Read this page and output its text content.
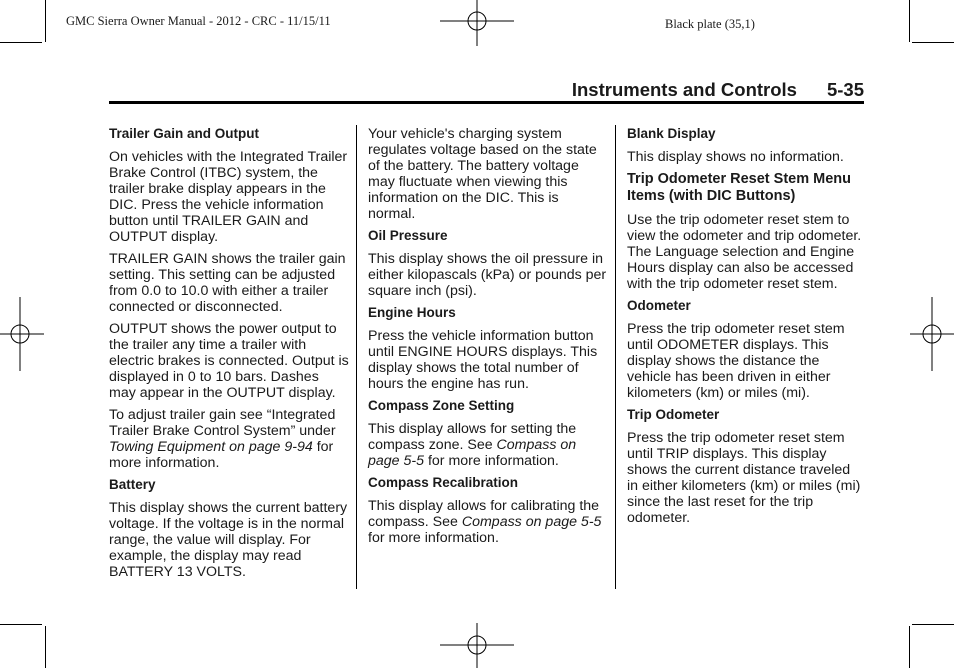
GMC Sierra Owner Manual - 2012 - CRC - 11/15/11	Black plate (35,1)
Instruments and Controls 5-35
Trailer Gain and Output

On vehicles with the Integrated Trailer Brake Control (ITBC) system, the trailer brake display appears in the DIC. Press the vehicle information button until TRAILER GAIN and OUTPUT display.

TRAILER GAIN shows the trailer gain setting. This setting can be adjusted from 0.0 to 10.0 with either a trailer connected or disconnected.

OUTPUT shows the power output to the trailer any time a trailer with electric brakes is connected. Output is displayed in 0 to 10 bars. Dashes may appear in the OUTPUT display.

To adjust trailer gain see “Integrated Trailer Brake Control System” under Towing Equipment on page 9-94 for more information.

Battery

This display shows the current battery voltage. If the voltage is in the normal range, the value will display. For example, the display may read BATTERY 13 VOLTS.

Your vehicle's charging system regulates voltage based on the state of the battery. The battery voltage may fluctuate when viewing this information on the DIC. This is normal.

Oil Pressure

This display shows the oil pressure in either kilopascals (kPa) or pounds per square inch (psi).

Engine Hours

Press the vehicle information button until ENGINE HOURS displays. This display shows the total number of hours the engine has run.

Compass Zone Setting

This display allows for setting the compass zone. See Compass on page 5-5 for more information.

Compass Recalibration

This display allows for calibrating the compass. See Compass on page 5-5 for more information.

Blank Display

This display shows no information.

Trip Odometer Reset Stem Menu Items (with DIC Buttons)

Use the trip odometer reset stem to view the odometer and trip odometer. The Language selection and Engine Hours display can also be accessed with the trip odometer reset stem.

Odometer

Press the trip odometer reset stem until ODOMETER displays. This display shows the distance the vehicle has been driven in either kilometers (km) or miles (mi).

Trip Odometer

Press the trip odometer reset stem until TRIP displays. This display shows the current distance traveled in either kilometers (km) or miles (mi) since the last reset for the trip odometer.
